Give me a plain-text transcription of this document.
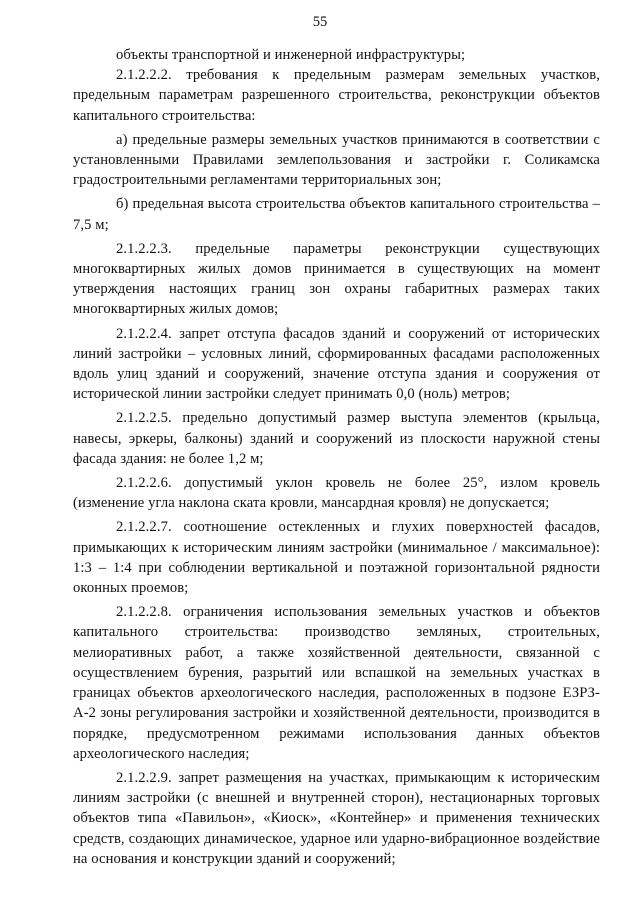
55

объекты транспортной и инженерной инфраструктуры;

2.1.2.2.2. требования к предельным размерам земельных участков, предельным параметрам разрешенного строительства, реконструкции объектов капитального строительства:

а) предельные размеры земельных участков принимаются в соответствии с установленными Правилами землепользования и застройки г. Соликамска градостроительными регламентами территориальных зон;

б) предельная высота строительства объектов капитального строительства – 7,5 м;

2.1.2.2.3. предельные параметры реконструкции существующих многоквартирных жилых домов принимается в существующих на момент утверждения настоящих границ зон охраны габаритных размерах таких многоквартирных жилых домов;

2.1.2.2.4. запрет отступа фасадов зданий и сооружений от исторических линий застройки – условных линий, сформированных фасадами расположенных вдоль улиц зданий и сооружений, значение отступа здания и сооружения от исторической линии застройки следует принимать 0,0 (ноль) метров;

2.1.2.2.5. предельно допустимый размер выступа элементов (крыльца, навесы, эркеры, балконы) зданий и сооружений из плоскости наружной стены фасада здания: не более 1,2 м;

2.1.2.2.6. допустимый уклон кровель не более 25°, излом кровель (изменение угла наклона ската кровли, мансардная кровля) не допускается;

2.1.2.2.7. соотношение остекленных и глухих поверхностей фасадов, примыкающих к историческим линиям застройки (минимальное / максимальное): 1:3 – 1:4 при соблюдении вертикальной и поэтажной горизонтальной рядности оконных проемов;

2.1.2.2.8. ограничения использования земельных участков и объектов капитального строительства: производство земляных, строительных, мелиоративных работ, а также хозяйственной деятельности, связанной с осуществлением бурения, разрытий или вспашкой на земельных участках в границах объектов археологического наследия, расположенных в подзоне ЕЗРЗ-А-2 зоны регулирования застройки и хозяйственной деятельности, производится в порядке, предусмотренном режимами использования данных объектов археологического наследия;

2.1.2.2.9. запрет размещения на участках, примыкающим к историческим линиям застройки (с внешней и внутренней сторон), нестационарных торговых объектов типа «Павильон», «Киоск», «Контейнер» и применения технических средств, создающих динамическое, ударное или ударно-вибрационное воздействие на основания и конструкции зданий и сооружений;
